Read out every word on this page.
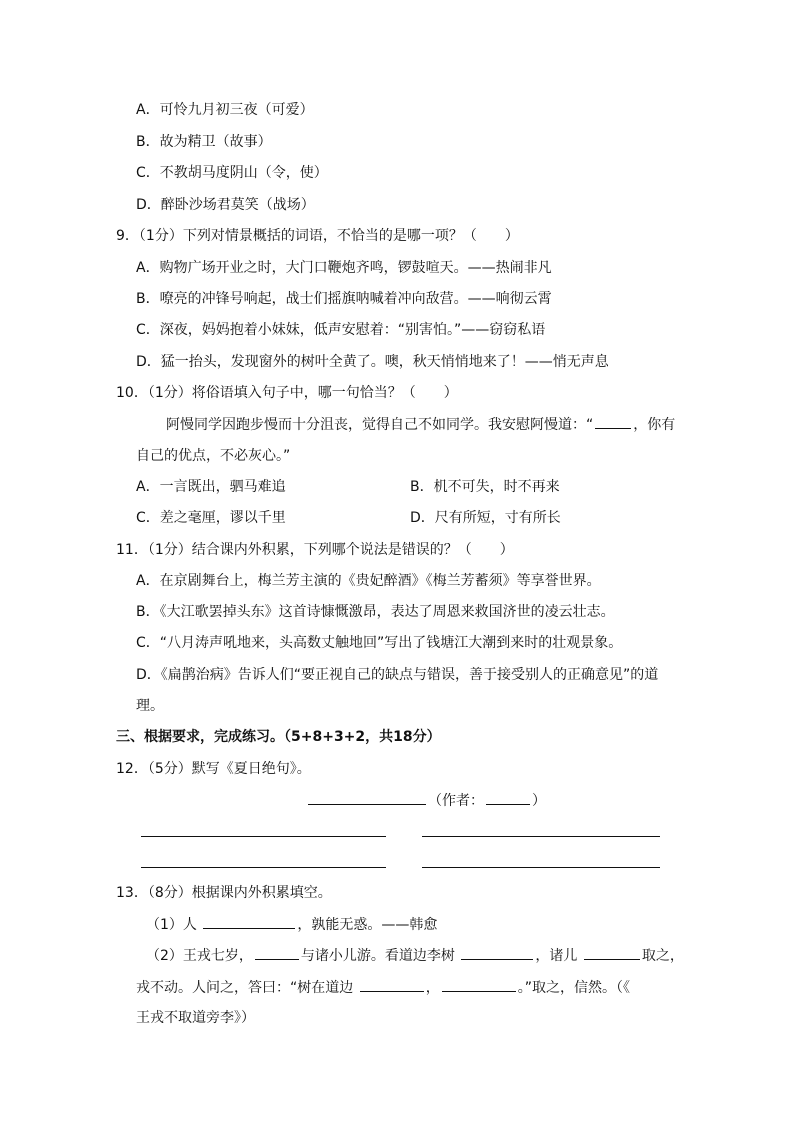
A．可怜九月初三夜（可爱）
B．故为精卫（故事）
C．不教胡马度阴山（令，使）
D．醉卧沙场君莫笑（战场）
9．（1分）下列对情景概括的词语，不恰当的是哪一项？（　　）
A．购物广场开业之时，大门口鞭炮齐鸣，锣鼓喧天。——热闹非凡
B．嘹亮的冲锋号响起，战士们摇旗呐喊着冲向敌营。——响彻云霄
C．深夜，妈妈抱着小妹妹，低声安慰着：“别害怕。”——窃窃私语
D．猛一抬头，发现窗外的树叶全黄了。噢，秋天悄悄地来了！——悄无声息
10．（1分）将俗语填入句子中，哪一句恰当？（　　）
阿慢同学因跑步慢而十分沮丧，觉得自己不如同学。我安慰阿慢道：“	，你有
自己的优点，不必灰心。”
A．一言既出，驷马难追	B．机不可失，时不再来
C．差之毫厘，谬以千里	D．尺有所短，寸有所长
11．（1分）结合课内外积累，下列哪个说法是错误的？（　　）
A．在京剧舞台上，梅兰芳主演的《贵妃醉酒》《梅兰芳蓄须》等享誉世界。
B．《大江歌罢掉头东》这首诗慷慨激昂，表达了周恩来救国济世的凌云壮志。
C．“八月涛声吼地来，头高数丈触地回”写出了钱塘江大潮到来时的壮观景象。
D．《扁鹊治病》告诉人们“要正视自己的缺点与错误，善于接受别人的正确意见”的道
理。
三、根据要求，完成练习。（5+8+3+2，共18分）
12．（5分）默写《夏日绝句》。
（作者：	）
13．（8分）根据课内外积累填空。
（1）人	，孰能无惑。——韩愈
（2）王戎七岁，	与诸小儿游。看道边李树	，诸儿	取之，
戎不动。人问之，答曰：“树在道边	，	。”取之，信然。（《
王戎不取道旁李》）
